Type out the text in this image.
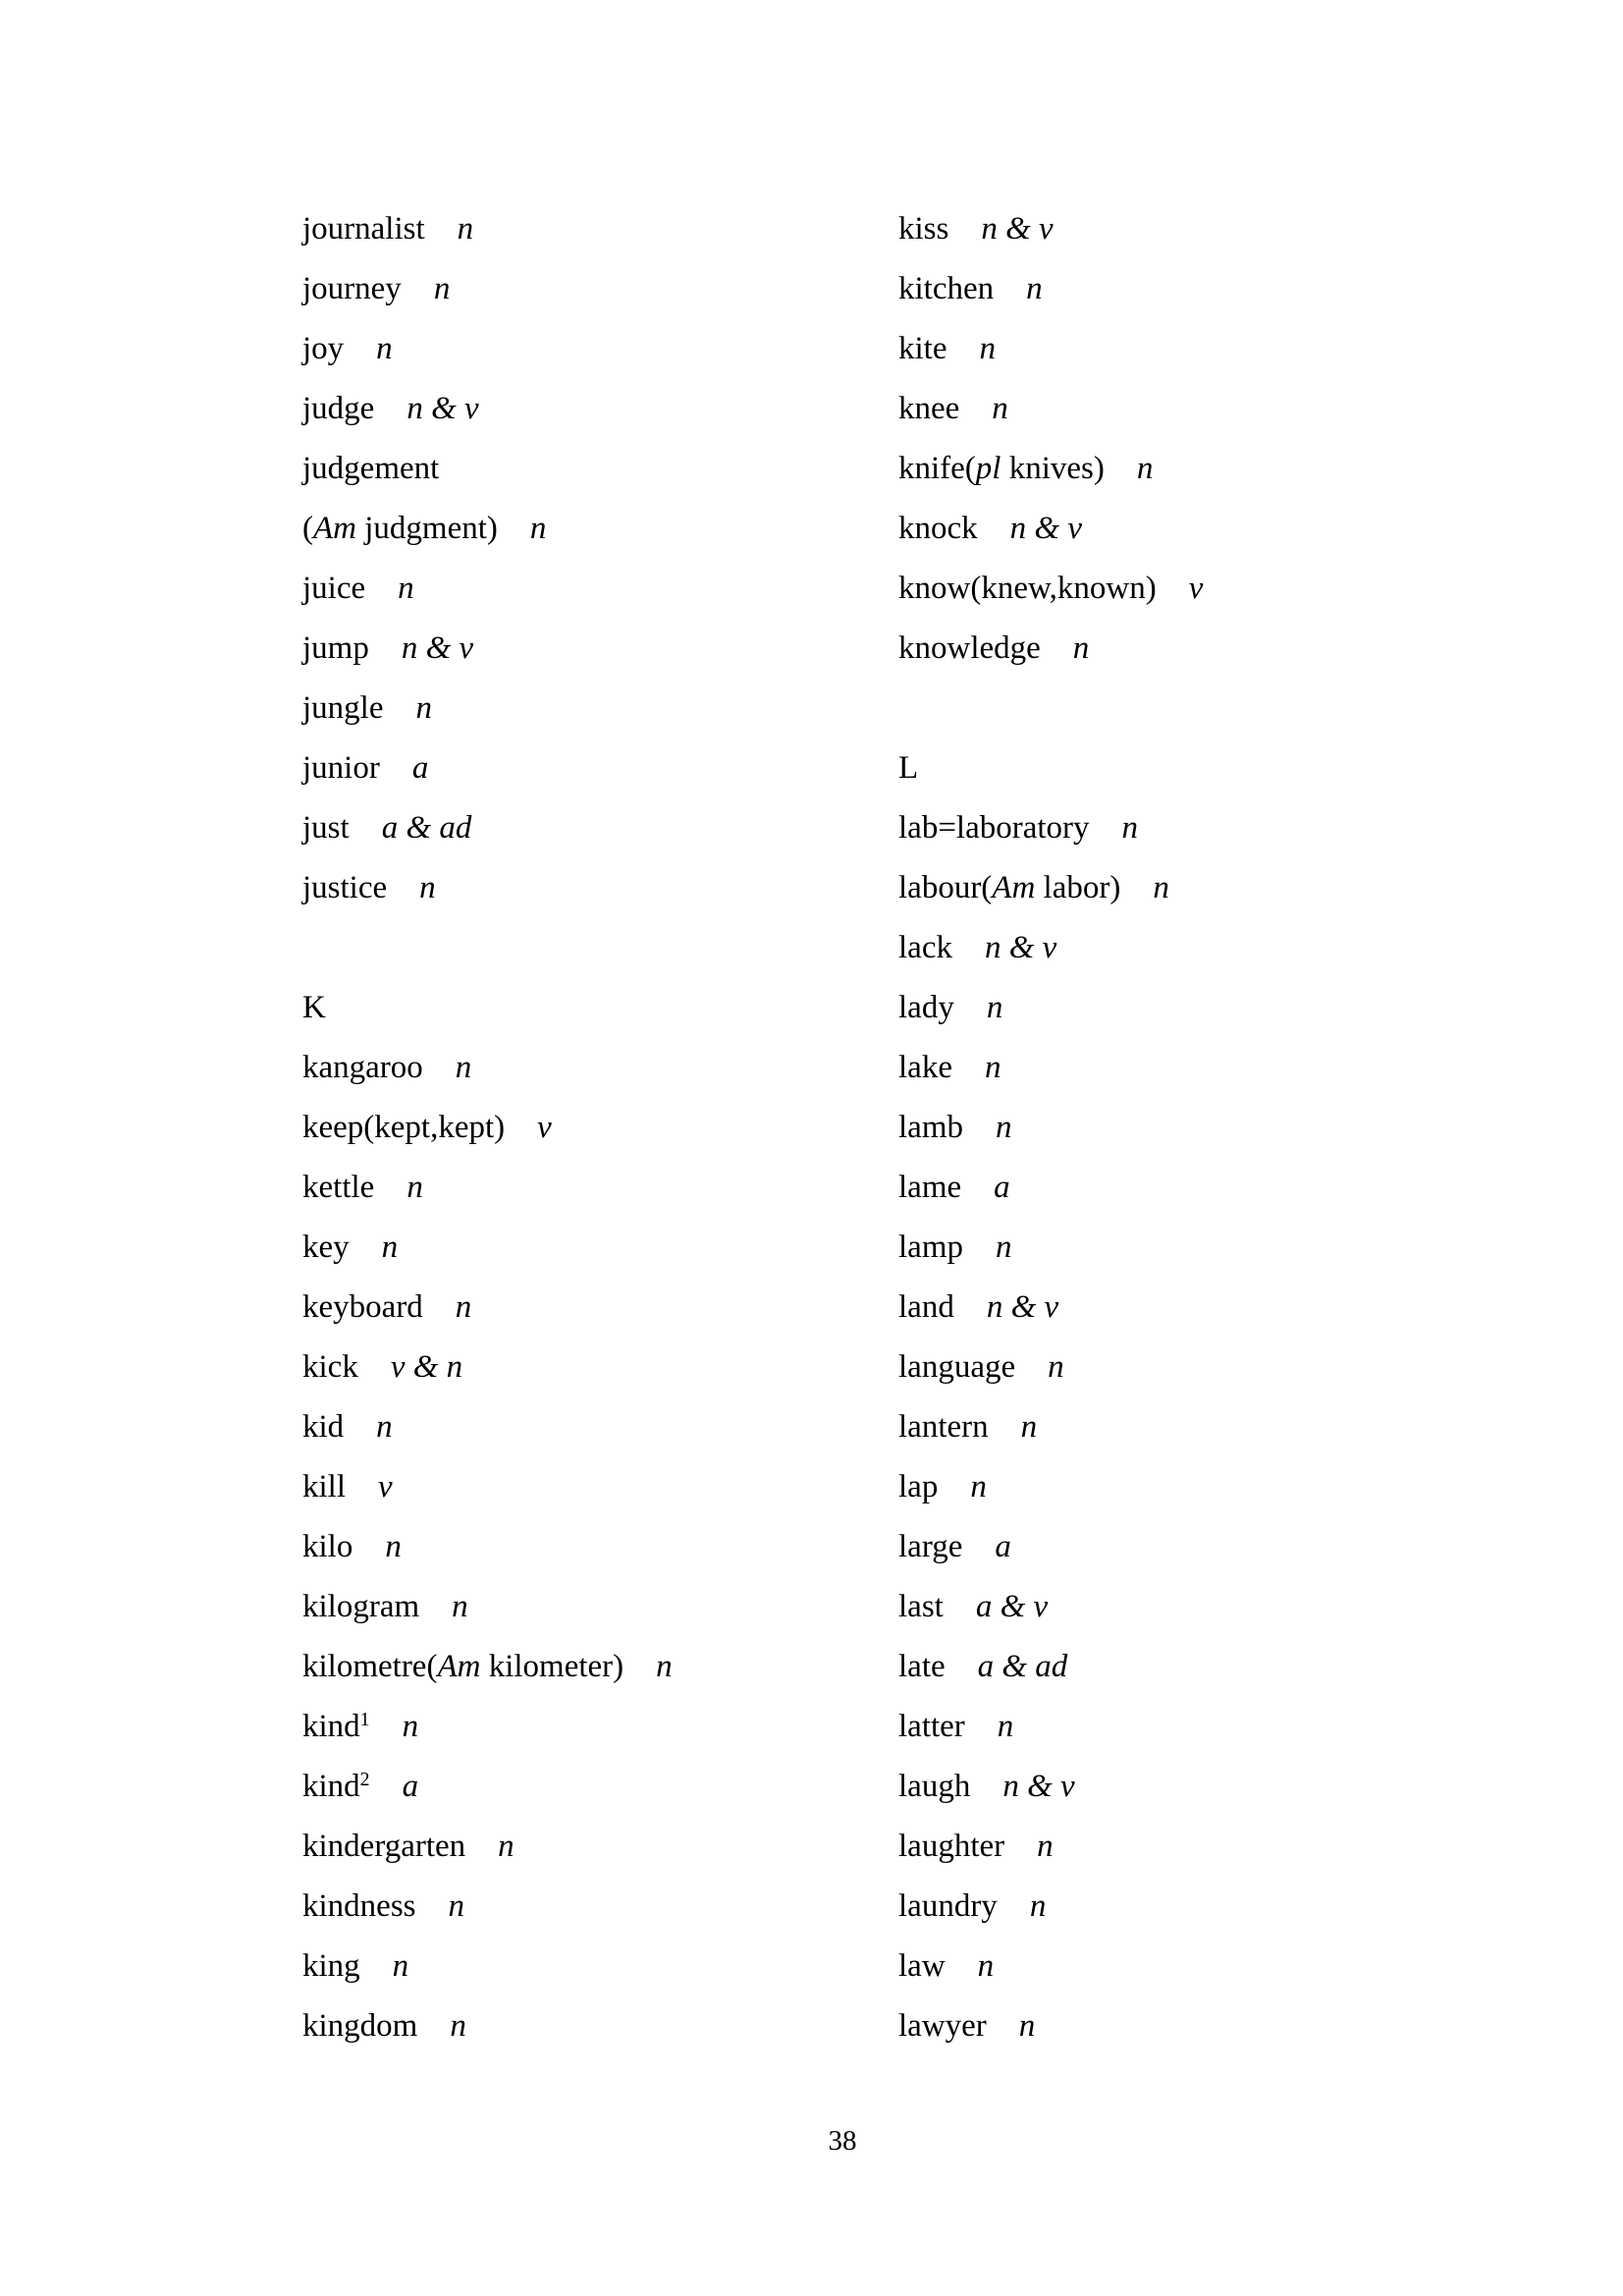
journalist n
journey n
joy n
judge n & v
judgement
(Am judgment) n
juice n
jump n & v
jungle n
junior a
just a & ad
justice n
K
kangaroo n
keep(kept,kept) v
kettle n
key n
keyboard n
kick v & n
kid n
kill v
kilo n
kilogram n
kilometre(Am kilometer) n
kind$^1$ n
kind$^2$ a
kindergarten n
kindness n
king n
kingdom n
kiss n & v
kitchen n
kite n
knee n
knife(pl knives) n
knock n & v
know(knew,known) v
knowledge n
L
lab=laboratory n
labour(Am labor) n
lack n & v
lady n
lake n
lamb n
lame a
lamp n
land n & v
language n
lantern n
lap n
large a
last a & v
late a & ad
latter n
laugh n & v
laughter n
laundry n
law n
lawyer n
38
